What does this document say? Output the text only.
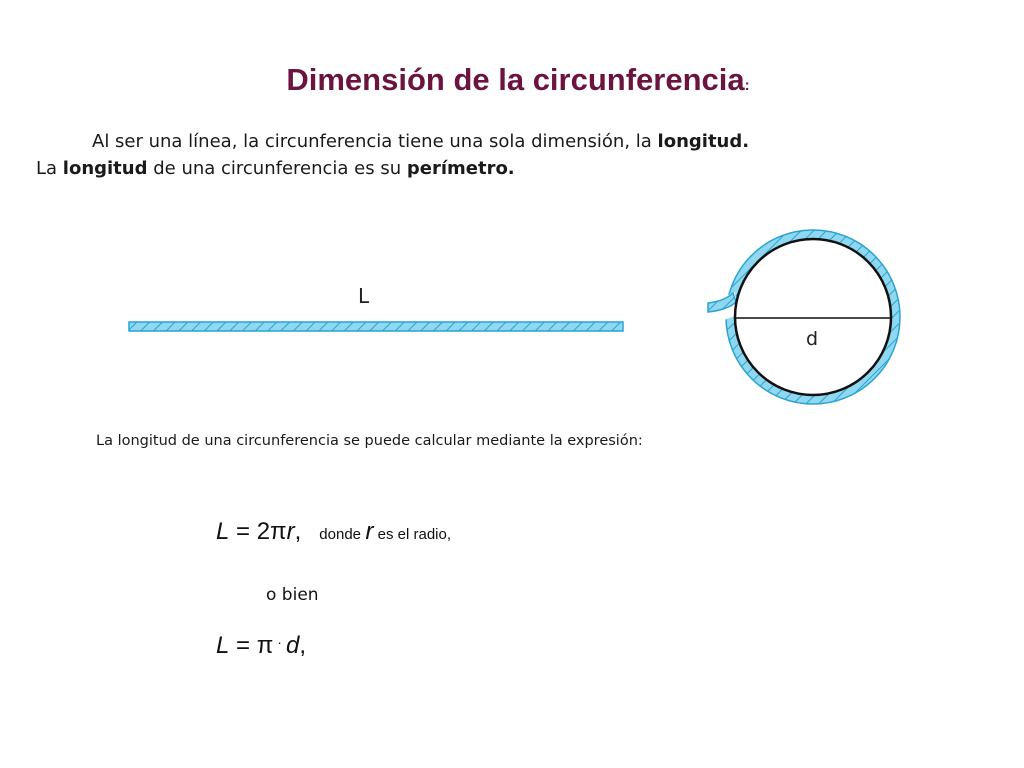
Dimensión de la circunferencia:

Al ser una línea, la circunferencia tiene una sola dimensión, la longitud.

La longitud de una circunferencia es su perímetro.

L
d
La longitud de una circunferencia se puede calcular mediante la expresión:
L = 2πr, donde r es el radio,
o bien
L = π · d,
